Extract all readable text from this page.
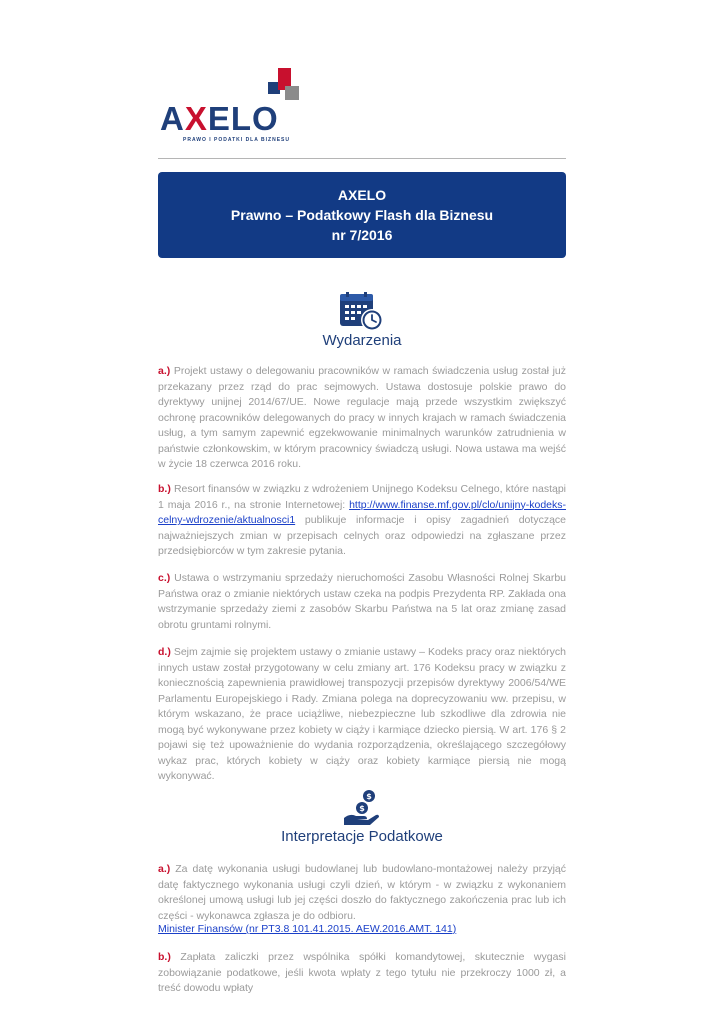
AXELO
PRAWO I PODATKI DLA BIZNESU
AXELO
Prawno – Podatkowy Flash dla Biznesu
nr 7/2016
Wydarzenia

a.) Projekt ustawy o delegowaniu pracowników w ramach świadczenia usług został już przekazany przez rząd do prac sejmowych. Ustawa dostosuje polskie prawo do dyrektywy unijnej 2014/67/UE. Nowe regulacje mają przede wszystkim zwiększyć ochronę pracowników delegowanych do pracy w innych krajach w ramach świadczenia usług, a tym samym zapewnić egzekwowanie minimalnych warunków zatrudnienia w państwie członkowskim, w którym pracownicy świadczą usługi. Nowa ustawa ma wejść w życie 18 czerwca 2016 roku.

b.) Resort finansów w związku z wdrożeniem Unijnego Kodeksu Celnego, które nastąpi 1 maja 2016 r., na stronie Internetowej: http://www.finanse.mf.gov.pl/clo/unijny-kodeks-celny-wdrozenie/aktualnosci1 publikuje informacje i opisy zagadnień dotyczące najważniejszych zmian w przepisach celnych oraz odpowiedzi na zgłaszane przez przedsiębiorców w tym zakresie pytania.

c.) Ustawa o wstrzymaniu sprzedaży nieruchomości Zasobu Własności Rolnej Skarbu Państwa oraz o zmianie niektórych ustaw czeka na podpis Prezydenta RP. Zakłada ona wstrzymanie sprzedaży ziemi z zasobów Skarbu Państwa na 5 lat oraz zmianę zasad obrotu gruntami rolnymi.

d.) Sejm zajmie się projektem ustawy o zmianie ustawy – Kodeks pracy oraz niektórych innych ustaw został przygotowany w celu zmiany art. 176 Kodeksu pracy w związku z koniecznością zapewnienia prawidłowej transpozycji przepisów dyrektywy 2006/54/WE Parlamentu Europejskiego i Rady. Zmiana polega na doprecyzowaniu ww. przepisu, w którym wskazano, że prace uciążliwe, niebezpieczne lub szkodliwe dla zdrowia nie mogą być wykonywane przez kobiety w ciąży i karmiące dziecko piersią. W art. 176 § 2 pojawi się też upoważnienie do wydania rozporządzenia, określającego szczegółowy wykaz prac, których kobiety w ciąży oraz kobiety karmiące piersią nie mogą wykonywać.

$
$
Interpretacje Podatkowe

a.) Za datę wykonania usługi budowlanej lub budowlano-montażowej należy przyjąć datę faktycznego wykonania usługi czyli dzień, w którym - w związku z wykonaniem określonej umową usługi lub jej części doszło do faktycznego zakończenia prac lub ich części - wykonawca zgłasza je do odbioru.

Minister Finansów (nr PT3.8 101.41.2015. AEW.2016.AMT. 141)

b.) Zapłata zaliczki przez wspólnika spółki komandytowej, skutecznie wygasi zobowiązanie podatkowe, jeśli kwota wpłaty z tego tytułu nie przekroczy 1000 zł, a treść dowodu wpłaty
